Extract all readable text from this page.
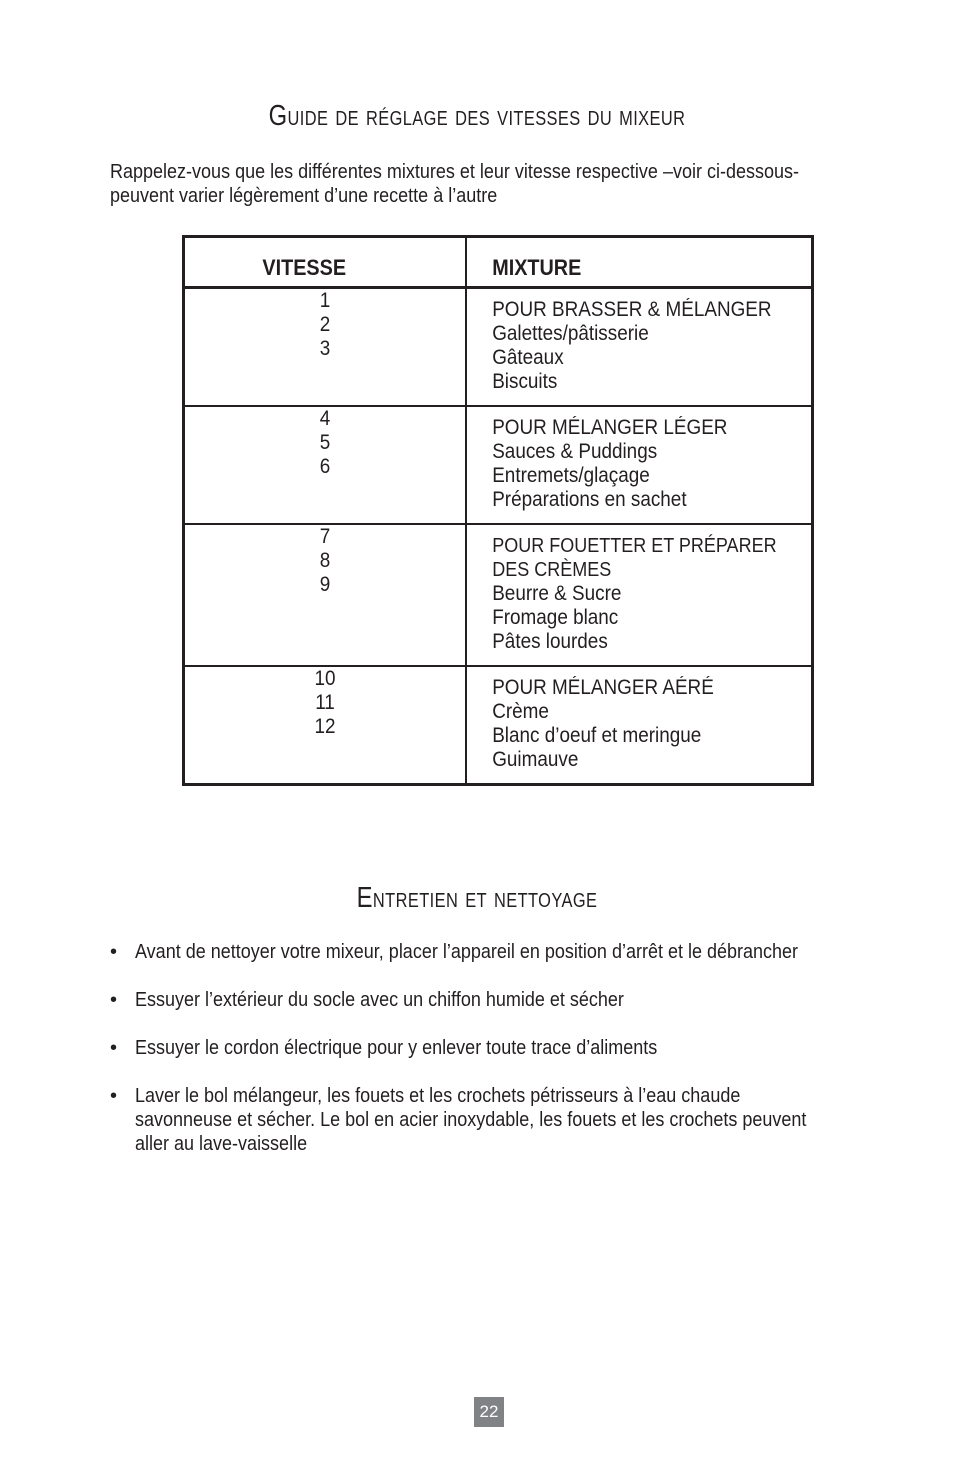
Guide de réglage des vitesses du mixeur
Rappelez-vous que les différentes mixtures et leur vitesse respective –voir ci-dessous-
peuvent varier légèrement d’une recette à l’autre
VITESSE	MIXTURE

1
2
3	POUR BRASSER & MÉLANGER
Galettes/pâtisserie
Gâteaux
Biscuits

4
5
6	POUR MÉLANGER LÉGER
Sauces & Puddings
Entremets/glaçage
Préparations en sachet

7
8
9	POUR FOUETTER ET PRÉPARER
DES CRÈMES
Beurre & Sucre
Fromage blanc
Pâtes lourdes

10
11
12	POUR MÉLANGER AÉRÉ
Crème
Blanc d’oeuf et meringue
Guimauve
Entretien et nettoyage
• Avant de nettoyer votre mixeur, placer l’appareil en position d’arrêt et le débrancher
• Essuyer l’extérieur du socle avec un chiffon humide et sécher
• Essuyer le cordon électrique pour y enlever toute trace d’aliments
• Laver le bol mélangeur, les fouets et les crochets pétrisseurs à l’eau chaude
savonneuse et sécher. Le bol en acier inoxydable, les fouets et les crochets peuvent
aller au lave-vaisselle
22
